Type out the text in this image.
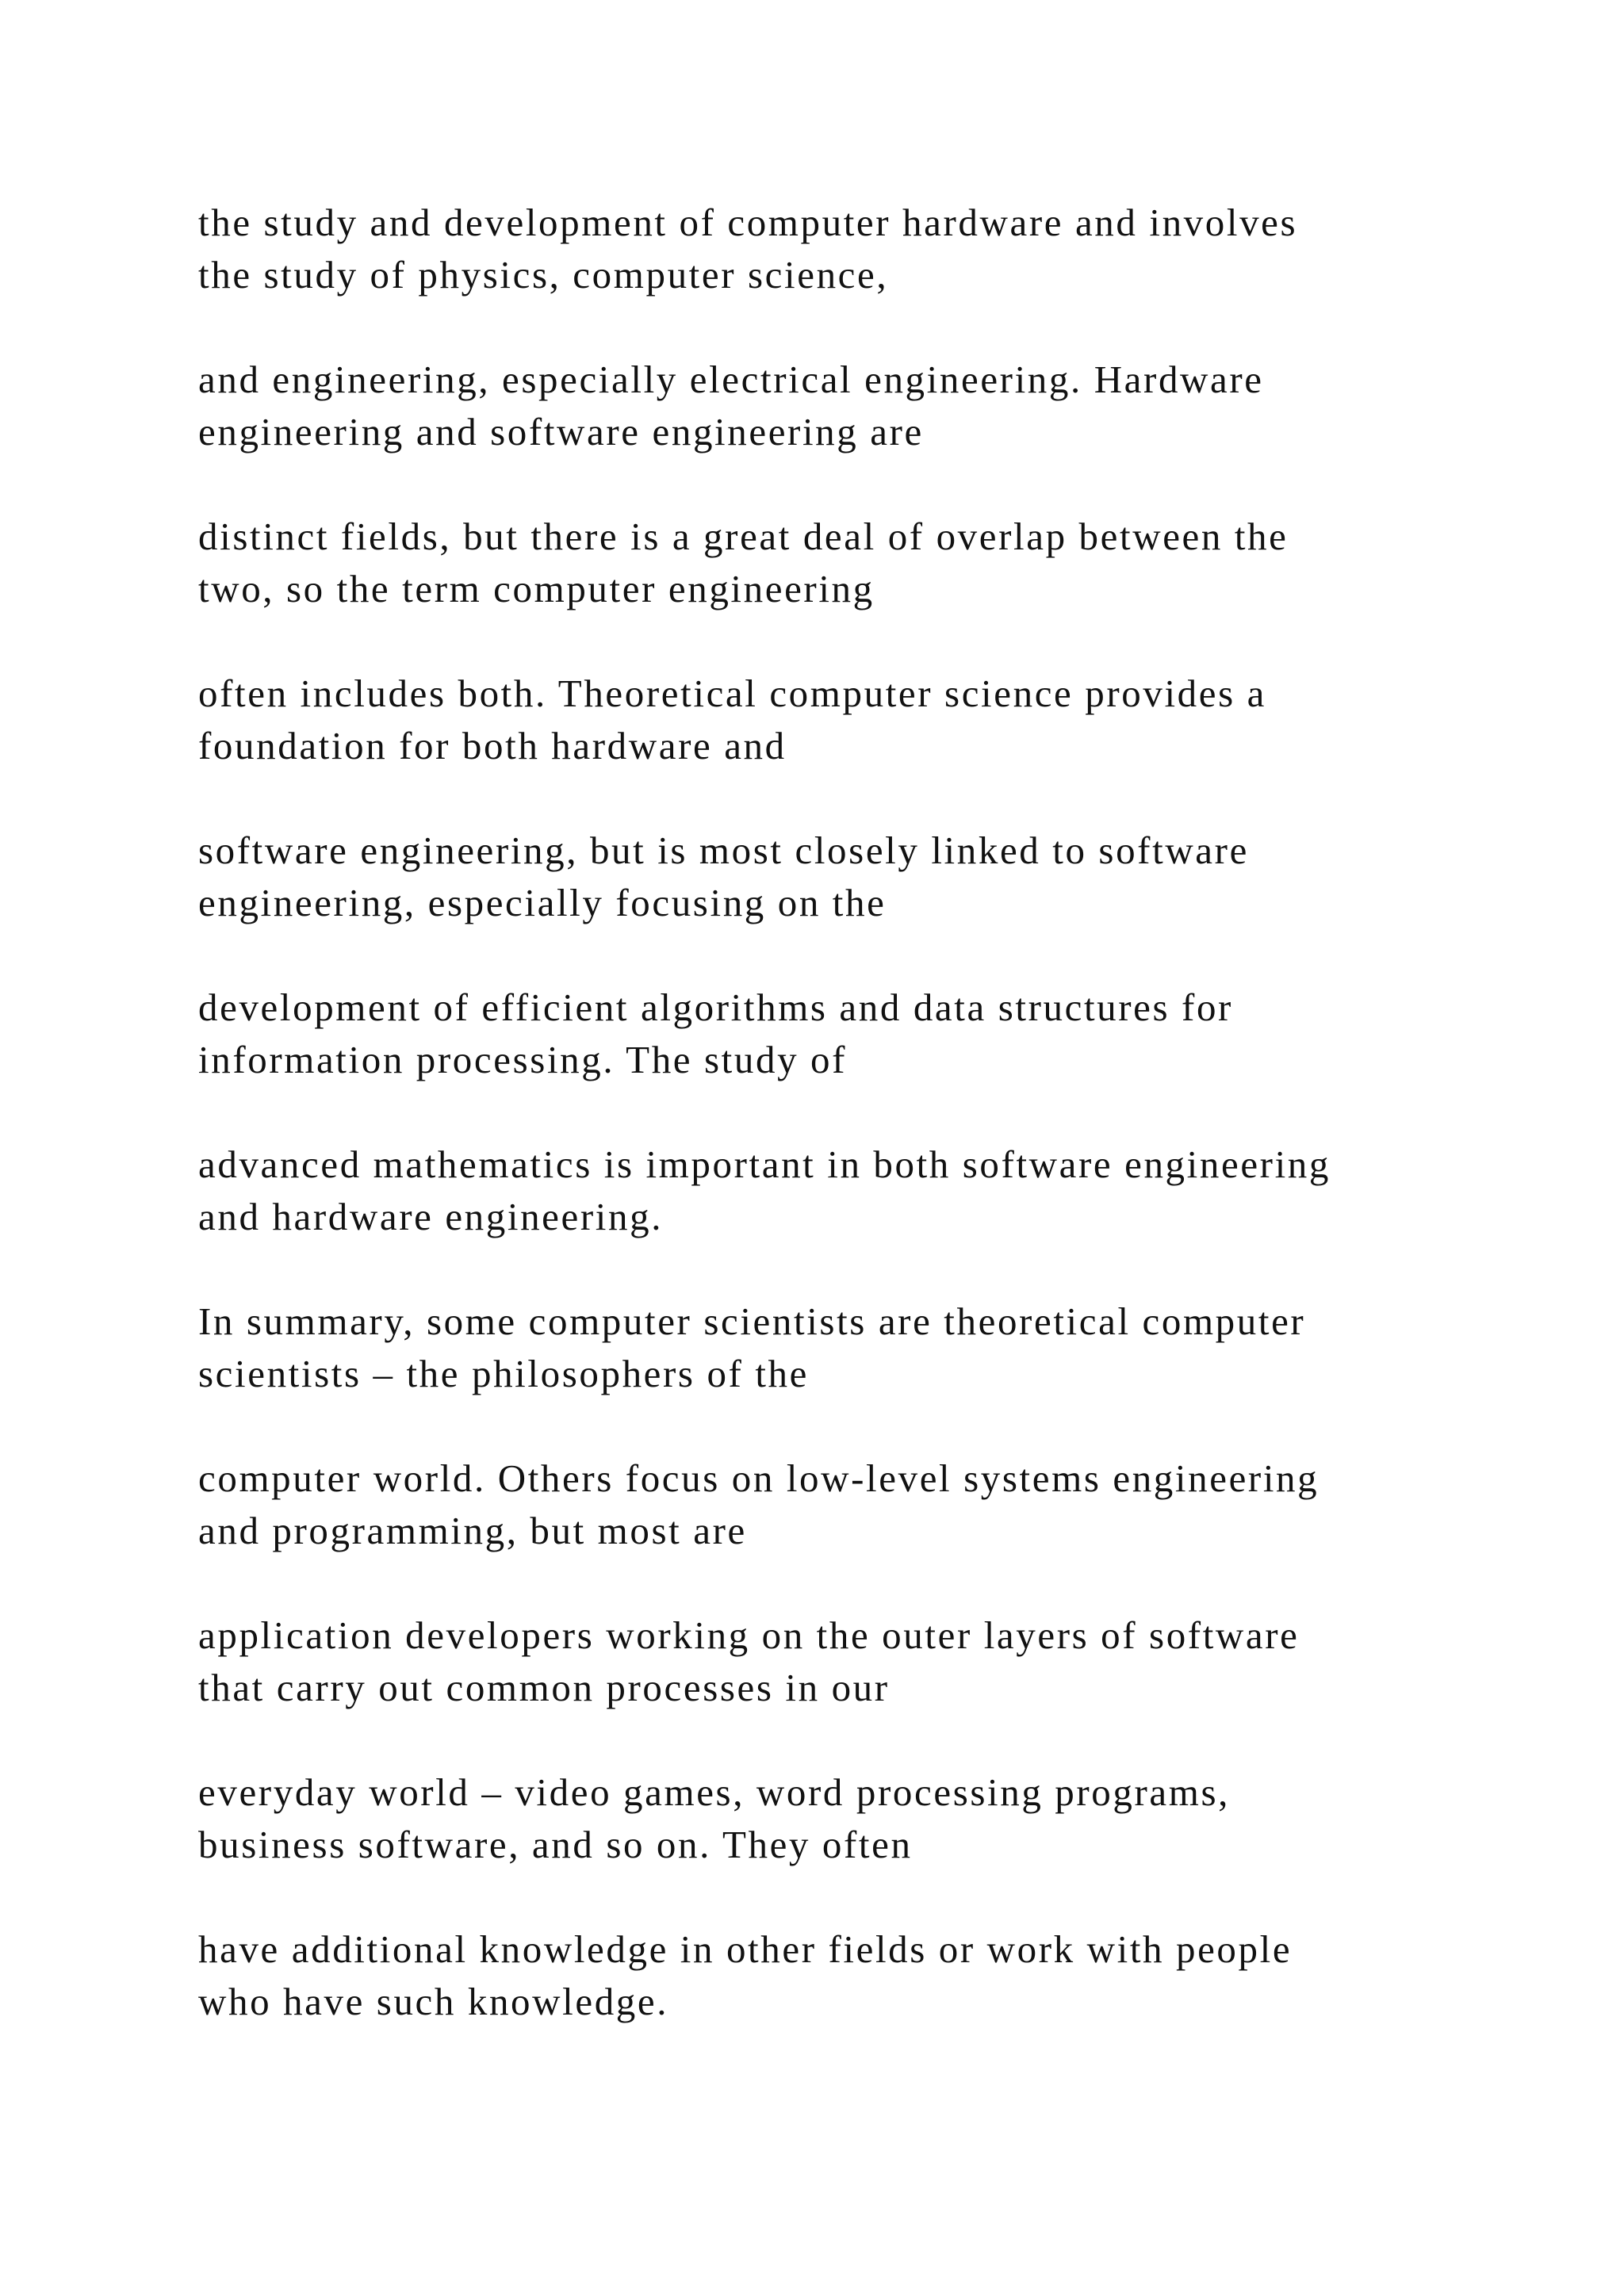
the study and development of computer hardware and involves
the study of physics, computer science,

and engineering, especially electrical engineering. Hardware
engineering and software engineering are

distinct fields, but there is a great deal of overlap between the
two, so the term computer engineering

often includes both. Theoretical computer science provides a
foundation for both hardware and

software engineering, but is most closely linked to software
engineering, especially focusing on the

development of efficient algorithms and data structures for
information processing. The study of

advanced mathematics is important in both software engineering
and hardware engineering.

In summary, some computer scientists are theoretical computer
scientists – the philosophers of the

computer world. Others focus on low-level systems engineering
and programming, but most are

application developers working on the outer layers of software
that carry out common processes in our

everyday world – video games, word processing programs,
business software, and so on. They often

have additional knowledge in other fields or work with people
who have such knowledge.
